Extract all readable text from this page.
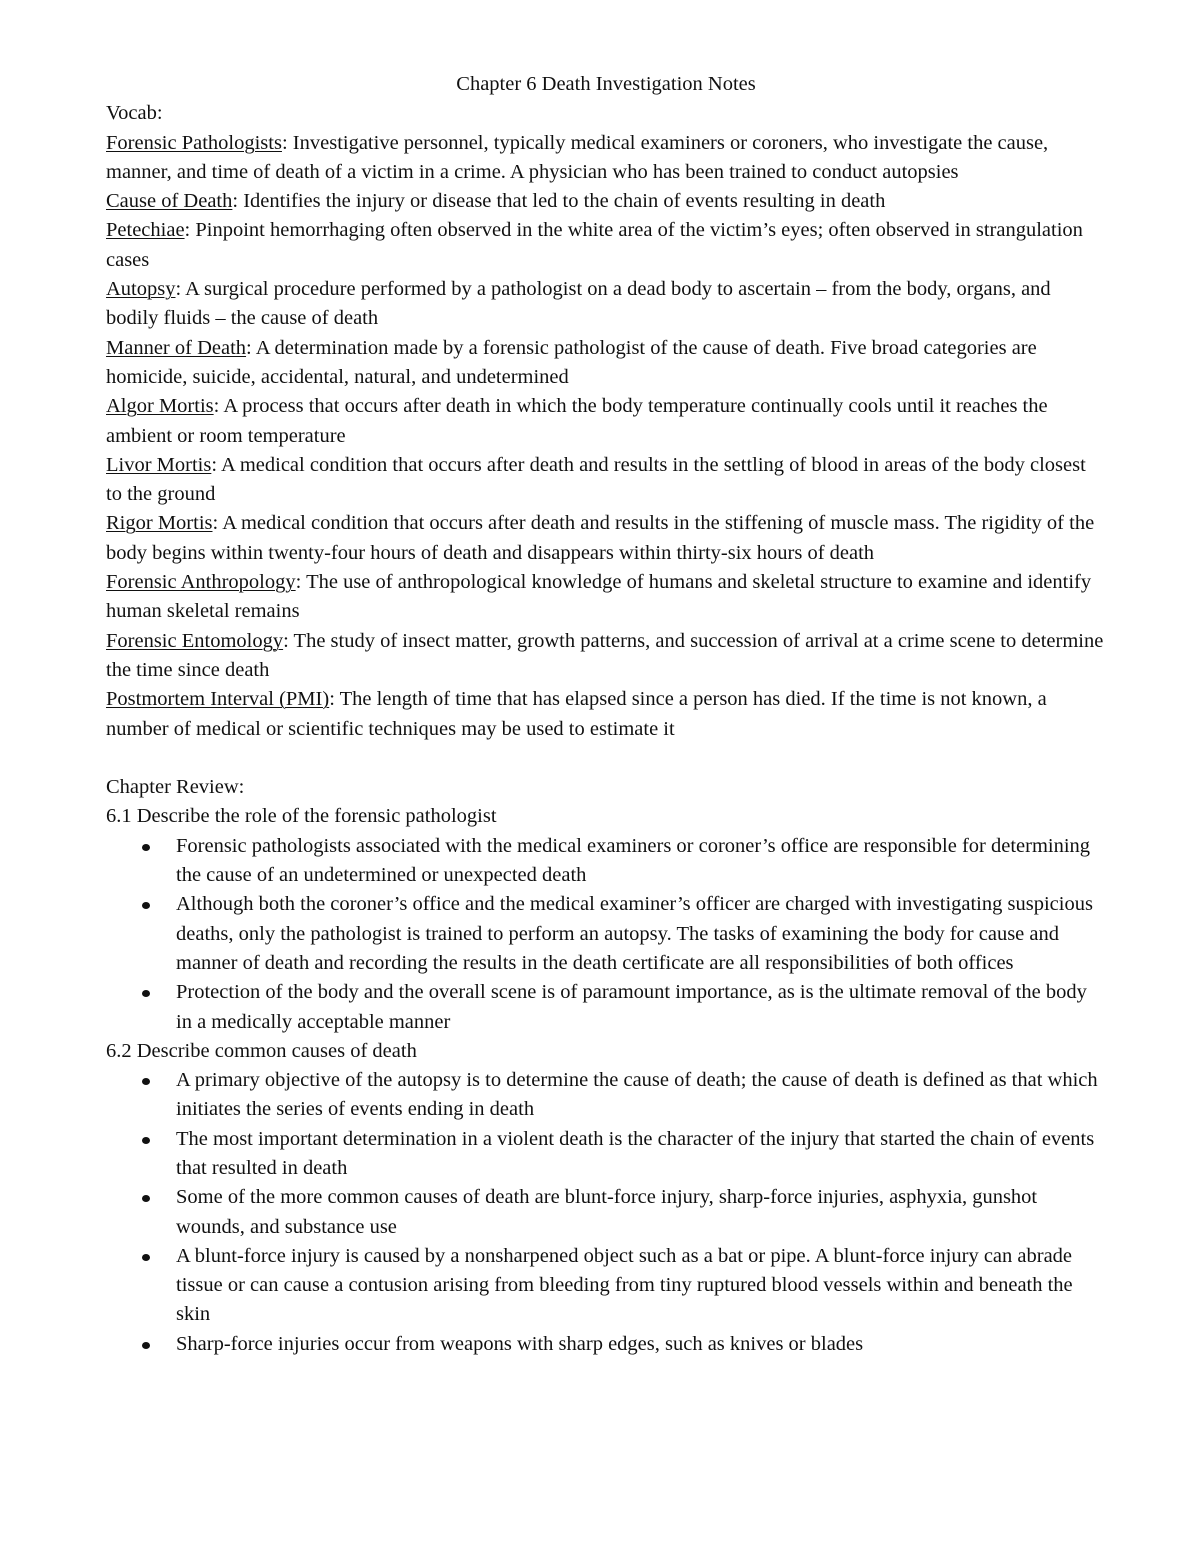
Chapter 6 Death Investigation Notes

Vocab:

Forensic Pathologists: Investigative personnel, typically medical examiners or coroners, who investigate the cause, manner, and time of death of a victim in a crime. A physician who has been trained to conduct autopsies

Cause of Death: Identifies the injury or disease that led to the chain of events resulting in death

Petechiae: Pinpoint hemorrhaging often observed in the white area of the victim’s eyes; often observed in strangulation cases

Autopsy: A surgical procedure performed by a pathologist on a dead body to ascertain – from the body, organs, and bodily fluids – the cause of death

Manner of Death: A determination made by a forensic pathologist of the cause of death. Five broad categories are homicide, suicide, accidental, natural, and undetermined

Algor Mortis: A process that occurs after death in which the body temperature continually cools until it reaches the ambient or room temperature

Livor Mortis: A medical condition that occurs after death and results in the settling of blood in areas of the body closest to the ground

Rigor Mortis: A medical condition that occurs after death and results in the stiffening of muscle mass. The rigidity of the body begins within twenty-four hours of death and disappears within thirty-six hours of death

Forensic Anthropology: The use of anthropological knowledge of humans and skeletal structure to examine and identify human skeletal remains

Forensic Entomology: The study of insect matter, growth patterns, and succession of arrival at a crime scene to determine the time since death

Postmortem Interval (PMI): The length of time that has elapsed since a person has died. If the time is not known, a number of medical or scientific techniques may be used to estimate it

Chapter Review:

6.1 Describe the role of the forensic pathologist

Forensic pathologists associated with the medical examiners or coroner’s office are responsible for determining the cause of an undetermined or unexpected death
Although both the coroner’s office and the medical examiner’s officer are charged with investigating suspicious deaths, only the pathologist is trained to perform an autopsy. The tasks of examining the body for cause and manner of death and recording the results in the death certificate are all responsibilities of both offices
Protection of the body and the overall scene is of paramount importance, as is the ultimate removal of the body in a medically acceptable manner

6.2 Describe common causes of death

A primary objective of the autopsy is to determine the cause of death; the cause of death is defined as that which initiates the series of events ending in death
The most important determination in a violent death is the character of the injury that started the chain of events that resulted in death
Some of the more common causes of death are blunt-force injury, sharp-force injuries, asphyxia, gunshot wounds, and substance use
A blunt-force injury is caused by a nonsharpened object such as a bat or pipe. A blunt-force injury can abrade tissue or can cause a contusion arising from bleeding from tiny ruptured blood vessels within and beneath the skin
Sharp-force injuries occur from weapons with sharp edges, such as knives or blades
